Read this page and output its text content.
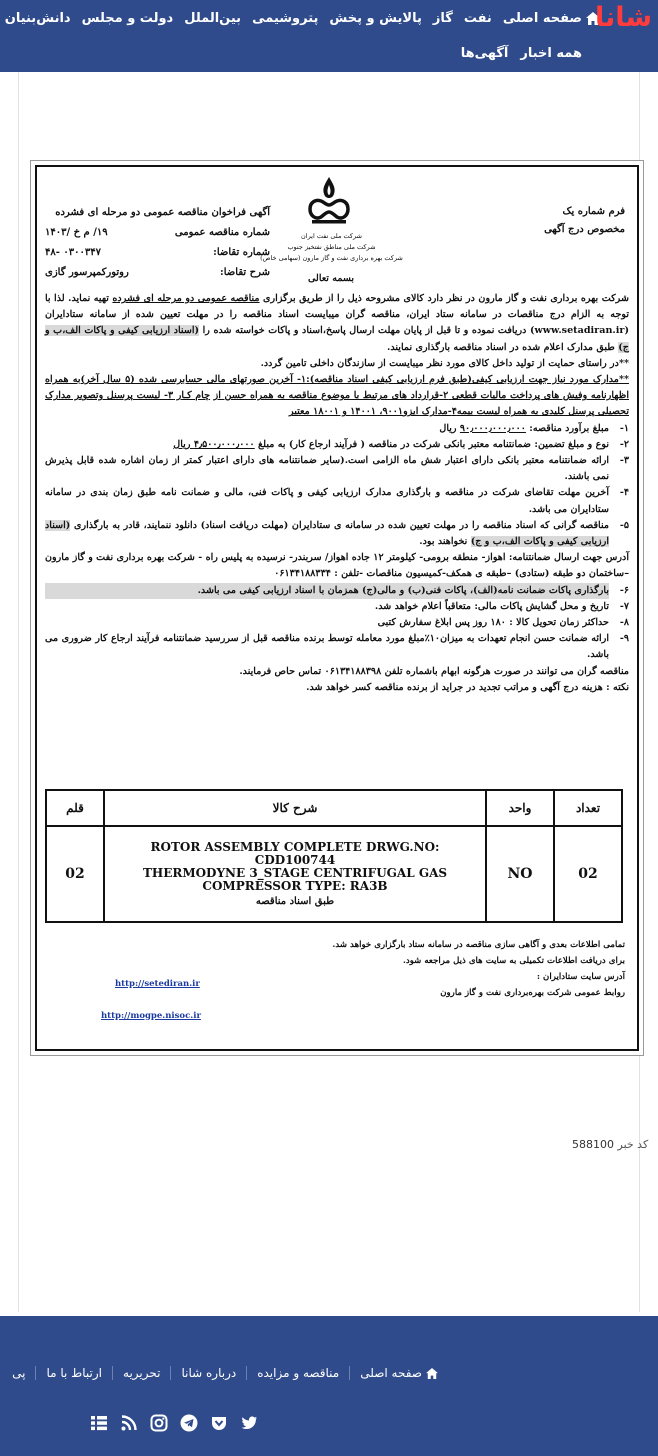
شانا
صفحه اصلی
نفت
گاز
پالایش و پخش
پتروشیمی
بین‌الملل
دولت و مجلس
دانش‌بنیان
همه اخبار
آگهی‌ها
فرم شماره یک
مخصوص درج آگهی
شرکت ملی نفت ایران
شرکت ملی مناطق نفتخیز جنوب
شرکت بهره برداری نفت و گاز مارون (سهامی خاص)
بسمه تعالی
آگهی فراخوان مناقصه عمومی دو مرحله ای فشرده
شماره مناقصه عمومی
۱۹/ م خ /۱۴۰۳
شماره تقاضا:
۴۸- ۰۳۰۰۳۴۷
شرح تقاضا:
روتورکمپرسور گازی

شرکت بهره برداری نفت و گاز مارون در نظر دارد کالای مشروحه ذیل را از طریق برگزاری مناقصه عمومی دو مرحله ای فشرده تهیه نماید. لذا با توجه به الزام درج مناقصات در سامانه ستاد ایران، مناقصه گران میبایست اسناد مناقصه را در مهلت تعیین شده از سامانه ستادایران (www.setadiran.ir) دریافت نموده و تا قبل از پایان مهلت ارسال پاسخ،اسناد و پاکات خواسته شده را (اسناد ارزیابی کیفی و پاکات الف،ب و ج) طبق مدارک اعلام شده در اسناد مناقصه بارگذاری نمایند.

**در راستای حمایت از تولید داخل کالای مورد نظر میبایست از سازندگان داخلی تامین گردد.

**مدارک مورد نیاز جهت ارزیابی کیفی(طبق فرم ارزیابی کیفی اسناد مناقصه):۱- آخرین صورتهای مالی حسابرسی شده (۵ سال آخر)به همراه اظهارنامه وفیش های پرداخت مالیات قطعی ۲-قرارداد های مرتبط با موضوع مناقصه به همراه حسن از چام کـار ۳- لیست پرسنل وتصویر مدارک تحصیلی پرسنل کلیدی به همراه لیست بیمه۴-مدارک ایزو۹۰۰۱، ۱۴۰۰۱ و ۱۸۰۰۱ معتبر

۱-
مبلغ برآورد مناقصه: ۹۰٫۰۰۰٫۰۰۰٫۰۰۰ ریال
۲-
نوع و مبلغ تضمین: ضمانتنامه معتبر بانکی شرکت در مناقصه ( فرآیند ارجاع کار) به مبلغ ۴٫۵۰۰٫۰۰۰٫۰۰۰ ریال
۳-
ارائه ضمانتنامه معتبر بانکی دارای اعتبار شش ماه الزامی است.(سایر ضمانتنامه های دارای اعتبار کمتر از زمان اشاره شده قابل پذیرش نمی باشند.
۴-
آخرین مهلت تقاضای شرکت در مناقصه و بارگذاری مدارک ارزیابی کیفی و پاکات فنی، مالی و ضمانت نامه طبق زمان بندی در سامانه ستادایران می باشد.
۵-
مناقصه گرانی که اسناد مناقصه را در مهلت تعیین شده در سامانه ی ستادایران (مهلت دریافت اسناد) دانلود ننمایند، قادر به بارگذاری (اسناد ارزیابی کیفی و پاکات الف،ب و ج) نخواهند بود.

آدرس جهت ارسال ضمانتنامه: اهواز- منطقه برومی- کیلومتر ۱۲ جاده اهواز/ سربندر- نرسیده به پلیس راه - شرکت بهره برداری نفت و گاز مارون –ساختمان دو طبقه (ستادی) –طبقه ی همکف-کمیسیون مناقصات -تلفن : ۰۶۱۳۴۱۸۸۳۳۴

۶-
بارگذاری پاکات ضمانت نامه(الف)، پاکات فنی(ب) و مالی(ج) همزمان با اسناد ارزیابی کیفی می باشد.
۷-
تاریخ و محل گشایش پاکات مالی: متعاقباً اعلام خواهد شد.
۸-
حداکثر زمان تحویل کالا : ۱۸۰ روز پس ابلاغ سفارش کتبی
۹-
ارائه ضمانت حسن انجام تعهدات به میزان۱۰٪مبلغ مورد معامله توسط برنده مناقصه قبل از سررسید ضمانتنامه فرآیند ارجاع کار ضروری می باشد.

مناقصه گران می توانند در صورت هرگونه ابهام باشماره تلفن ۰۶۱۳۴۱۸۸۳۹۸ تماس حاص فرمایند.

نکته : هزینه درج آگهی و مراتب تجدید در جراید از برنده مناقصه کسر خواهد شد.

تعداد	واحد	شرح کالا	قلم
02	NO	ROTOR ASSEMBLY COMPLETE DRWG.NO: CDD100744
THERMODYNE 3_STAGE CENTRIFUGAL GAS
COMPRESSOR TYPE: RA3B
طبق اسناد مناقصه	02
تمامی اطلاعات بعدی و آگاهی سازی مناقصه در سامانه ستاد بارگزاری خواهد شد.
برای دریافت اطلاعات تکمیلی به سایت های ذیل مراجعه شود.
آدرس سایت ستادایران :
روابط عمومی شرکت بهره‌برداری نفت و گاز مارون
http://setediran.ir
http://mogpe.nisoc.ir
کد خبر 588100
صفحه اصلی
مناقصه و مزایده
درباره شانا
تحریریه
ارتباط با ما
پی
